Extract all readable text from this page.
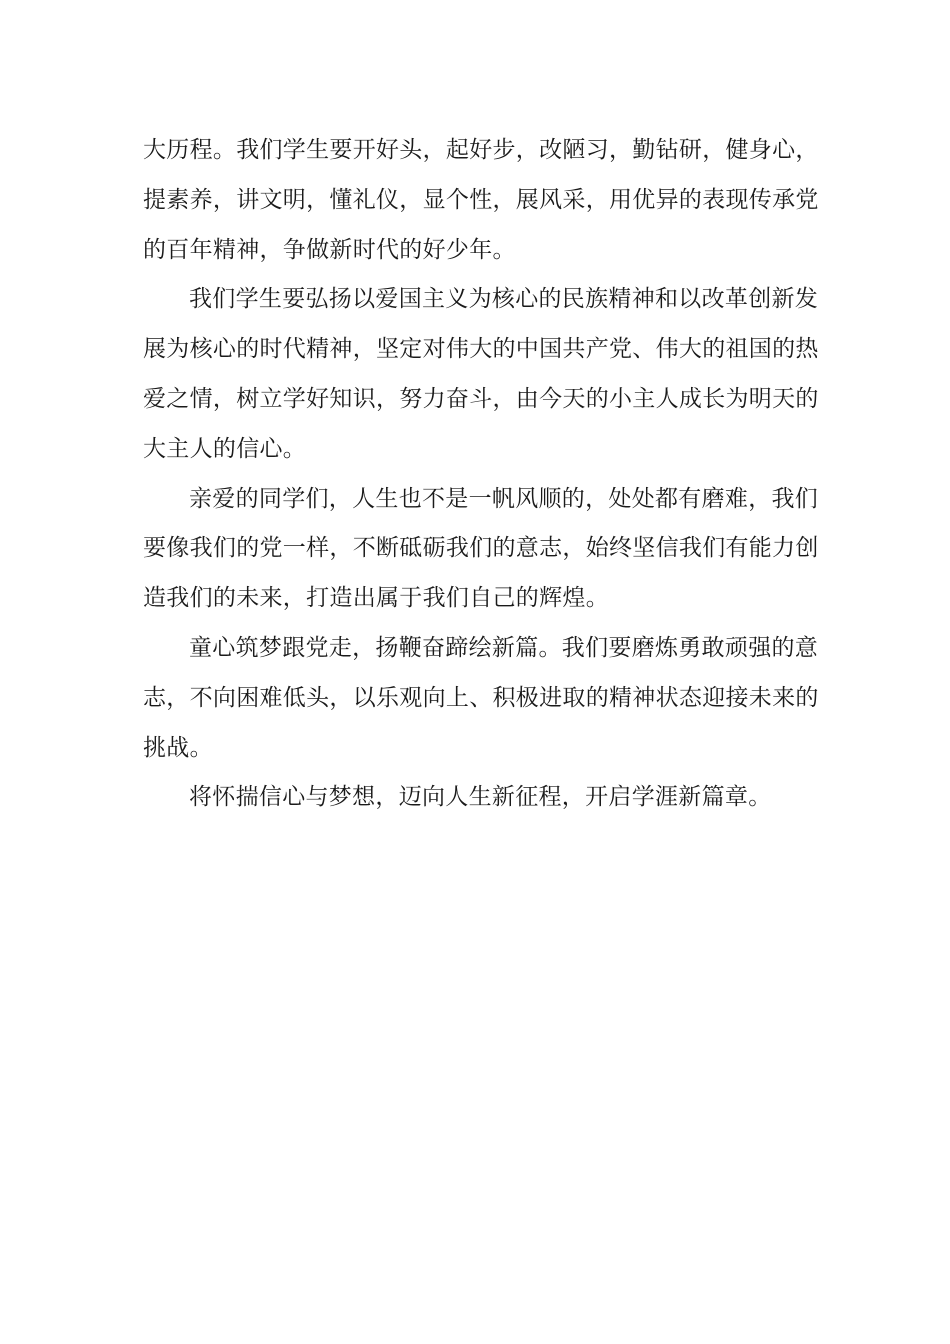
大历程。我们学生要开好头，起好步，改陋习，勤钻研，健身心，
提素养，讲文明，懂礼仪，显个性，展风采，用优异的表现传承党
的百年精神，争做新时代的好少年。
我们学生要弘扬以爱国主义为核心的民族精神和以改革创新发
展为核心的时代精神，坚定对伟大的中国共产党、伟大的祖国的热
爱之情，树立学好知识，努力奋斗，由今天的小主人成长为明天的
大主人的信心。
亲爱的同学们，人生也不是一帆风顺的，处处都有磨难，我们
要像我们的党一样，不断砥砺我们的意志，始终坚信我们有能力创
造我们的未来，打造出属于我们自己的辉煌。
童心筑梦跟党走，扬鞭奋蹄绘新篇。我们要磨炼勇敢顽强的意
志，不向困难低头，以乐观向上、积极进取的精神状态迎接未来的
挑战。
将怀揣信心与梦想，迈向人生新征程，开启学涯新篇章。
